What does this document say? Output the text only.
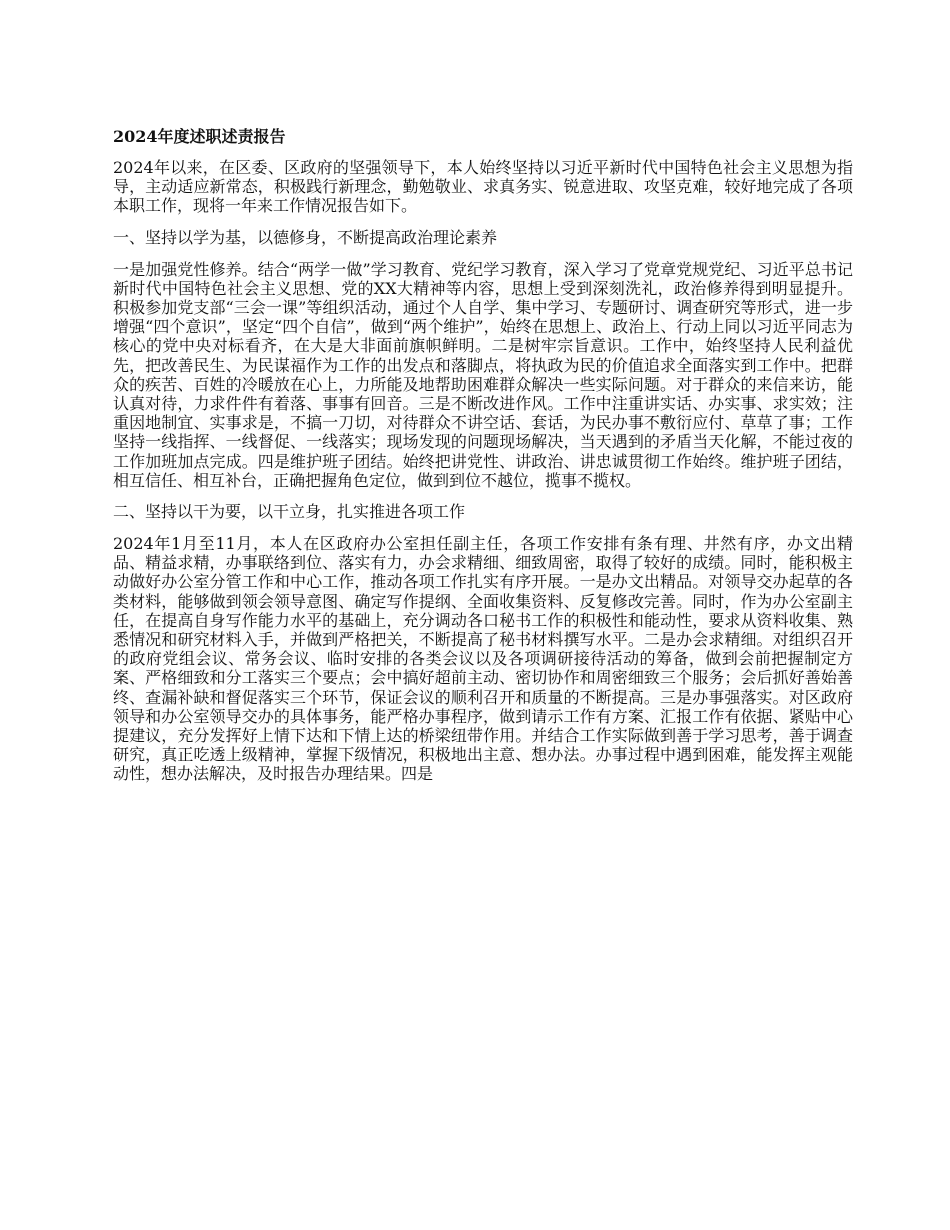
2024年度述职述责报告

2024年以来，在区委、区政府的坚强领导下，本人始终坚持以习近平新时代中国特色社会主义思想为指导，主动适应新常态，积极践行新理念，勤勉敬业、求真务实、锐意进取、攻坚克难，较好地完成了各项本职工作，现将一年来工作情况报告如下。

一、坚持以学为基，以德修身，不断提高政治理论素养

一是加强党性修养。结合“两学一做”学习教育、党纪学习教育，深入学习了党章党规党纪、习近平总书记新时代中国特色社会主义思想、党的XX大精神等内容，思想上受到深刻洗礼，政治修养得到明显提升。积极参加党支部“三会一课”等组织活动，通过个人自学、集中学习、专题研讨、调查研究等形式，进一步增强“四个意识”，坚定“四个自信”，做到“两个维护”，始终在思想上、政治上、行动上同以习近平同志为核心的党中央对标看齐，在大是大非面前旗帜鲜明。二是树牢宗旨意识。工作中，始终坚持人民利益优先，把改善民生、为民谋福作为工作的出发点和落脚点，将执政为民的价值追求全面落实到工作中。把群众的疾苦、百姓的冷暖放在心上，力所能及地帮助困难群众解决一些实际问题。对于群众的来信来访，能认真对待，力求件件有着落、事事有回音。三是不断改进作风。工作中注重讲实话、办实事、求实效；注重因地制宜、实事求是，不搞一刀切，对待群众不讲空话、套话，为民办事不敷衍应付、草草了事；工作坚持一线指挥、一线督促、一线落实；现场发现的问题现场解决，当天遇到的矛盾当天化解，不能过夜的工作加班加点完成。四是维护班子团结。始终把讲党性、讲政治、讲忠诚贯彻工作始终。维护班子团结，相互信任、相互补台，正确把握角色定位，做到到位不越位，揽事不揽权。

二、坚持以干为要，以干立身，扎实推进各项工作

2024年1月至11月，本人在区政府办公室担任副主任，各项工作安排有条有理、井然有序，办文出精品、精益求精，办事联络到位、落实有力，办会求精细、细致周密，取得了较好的成绩。同时，能积极主动做好办公室分管工作和中心工作，推动各项工作扎实有序开展。一是办文出精品。对领导交办起草的各类材料，能够做到领会领导意图、确定写作提纲、全面收集资料、反复修改完善。同时，作为办公室副主任，在提高自身写作能力水平的基础上，充分调动各口秘书工作的积极性和能动性，要求从资料收集、熟悉情况和研究材料入手，并做到严格把关，不断提高了秘书材料撰写水平。二是办会求精细。对组织召开的政府党组会议、常务会议、临时安排的各类会议以及各项调研接待活动的筹备，做到会前把握制定方案、严格细致和分工落实三个要点；会中搞好超前主动、密切协作和周密细致三个服务；会后抓好善始善终、查漏补缺和督促落实三个环节，保证会议的顺利召开和质量的不断提高。三是办事强落实。对区政府领导和办公室领导交办的具体事务，能严格办事程序，做到请示工作有方案、汇报工作有依据、紧贴中心提建议，充分发挥好上情下达和下情上达的桥梁纽带作用。并结合工作实际做到善于学习思考，善于调查研究，真正吃透上级精神，掌握下级情况，积极地出主意、想办法。办事过程中遇到困难，能发挥主观能动性，想办法解决，及时报告办理结果。四是
